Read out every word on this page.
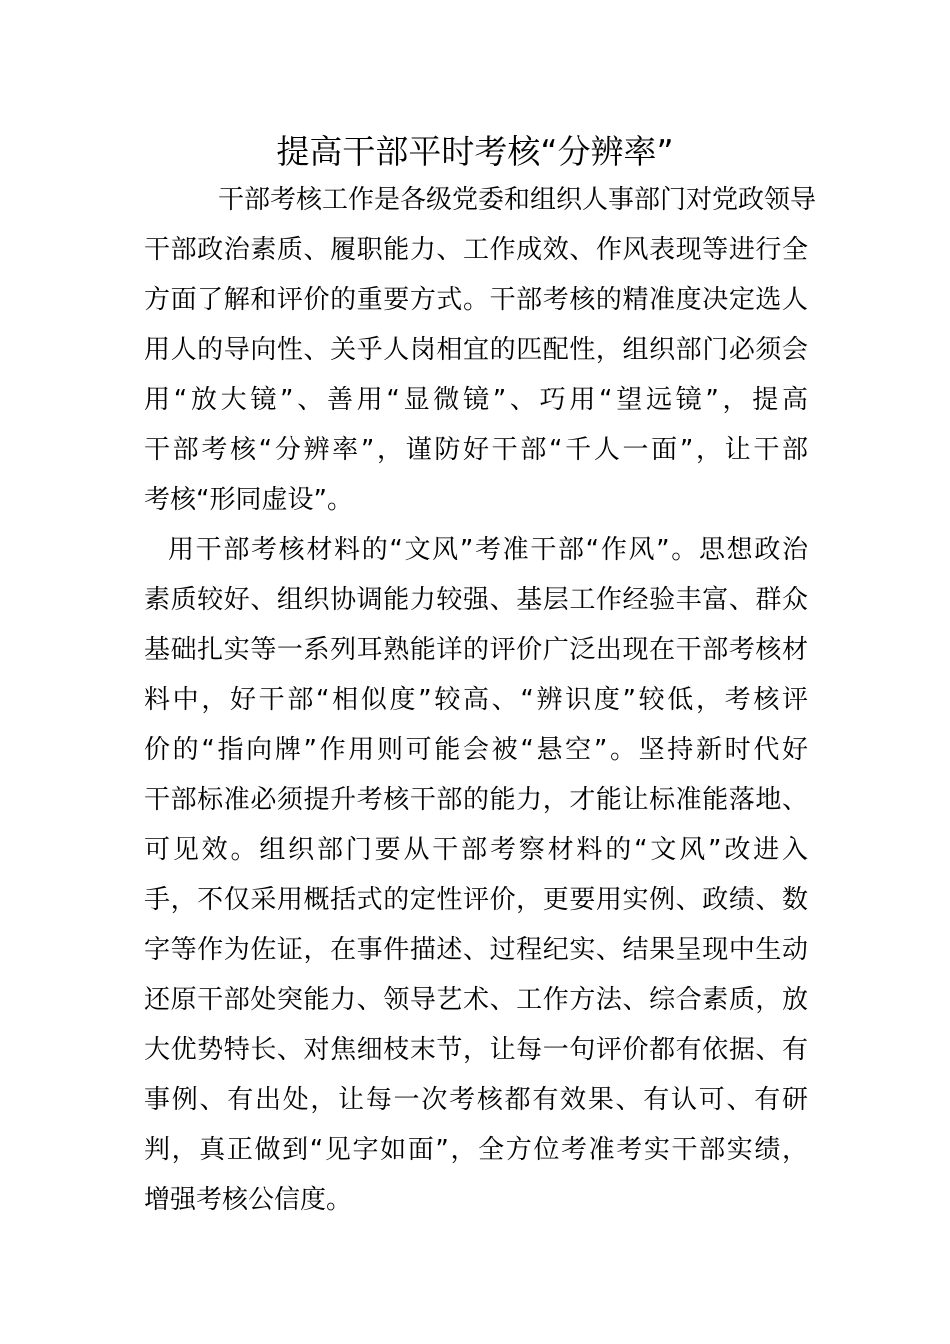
提高干部平时考核“分辨率”
干部考核工作是各级党委和组织人事部门对党政领导
干部政治素质、履职能力、工作成效、作风表现等进行全
方面了解和评价的重要方式。干部考核的精准度决定选人
用人的导向性、关乎人岗相宜的匹配性，组织部门必须会
用“放大镜”、善用“显微镜”、巧用“望远镜”，提高
干部考核“分辨率”，谨防好干部“千人一面”，让干部
考核“形同虚设”。
用干部考核材料的“文风”考准干部“作风”。思想政治
素质较好、组织协调能力较强、基层工作经验丰富、群众
基础扎实等一系列耳熟能详的评价广泛出现在干部考核材
料中，好干部“相似度”较高、“辨识度”较低，考核评
价的“指向牌”作用则可能会被“悬空”。坚持新时代好
干部标准必须提升考核干部的能力，才能让标准能落地、
可见效。组织部门要从干部考察材料的“文风”改进入
手，不仅采用概括式的定性评价，更要用实例、政绩、数
字等作为佐证，在事件描述、过程纪实、结果呈现中生动
还原干部处突能力、领导艺术、工作方法、综合素质，放
大优势特长、对焦细枝末节，让每一句评价都有依据、有
事例、有出处，让每一次考核都有效果、有认可、有研
判，真正做到“见字如面”，全方位考准考实干部实绩，
增强考核公信度。
